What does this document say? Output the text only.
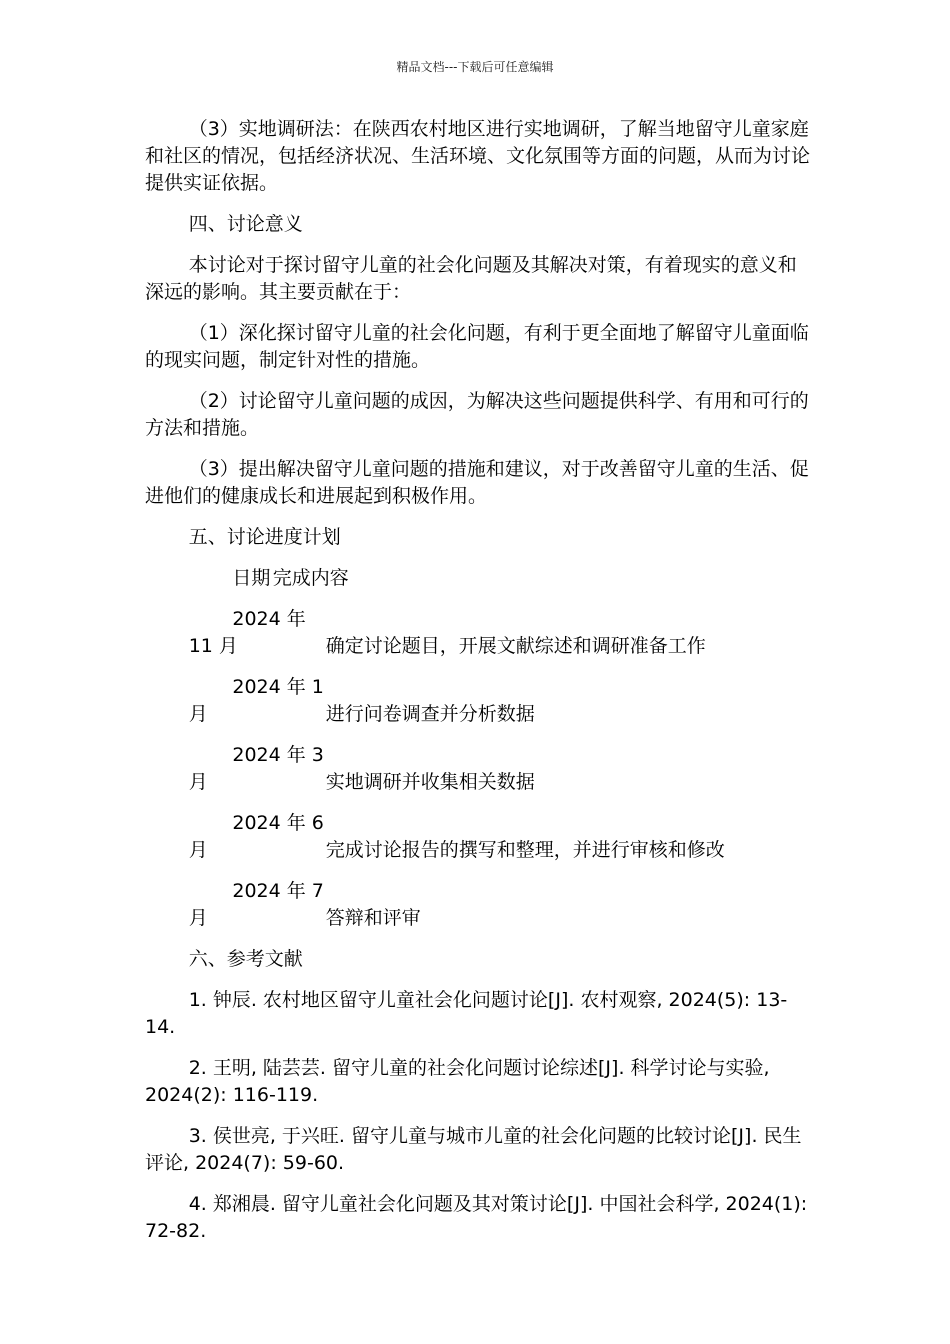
精品文档---下载后可任意编辑

（3）实地调研法：在陕西农村地区进行实地调研，了解当地留守儿童家庭和社区的情况，包括经济状况、生活环境、文化氛围等方面的问题，从而为讨论提供实证依据。

四、讨论意义

本讨论对于探讨留守儿童的社会化问题及其解决对策，有着现实的意义和深远的影响。其主要贡献在于：

（1）深化探讨留守儿童的社会化问题，有利于更全面地了解留守儿童面临的现实问题，制定针对性的措施。

（2）讨论留守儿童问题的成因，为解决这些问题提供科学、有用和可行的方法和措施。

（3）提出解决留守儿童问题的措施和建议，对于改善留守儿童的生活、促进他们的健康成长和进展起到积极作用。

五、讨论进度计划

日期 完成内容

2024 年 11 月	确定讨论题目，开展文献综述和调研准备工作

2024 年 1 月	进行问卷调查并分析数据

2024 年 3 月	实地调研并收集相关数据

2024 年 6 月	完成讨论报告的撰写和整理，并进行审核和修改

2024 年 7 月	答辩和评审

六、参考文献

1. 钟辰. 农村地区留守儿童社会化问题讨论[J]. 农村观察, 2024(5): 13-14.

2. 王明, 陆芸芸. 留守儿童的社会化问题讨论综述[J]. 科学讨论与实验, 2024(2): 116-119.

3. 侯世亮, 于兴旺. 留守儿童与城市儿童的社会化问题的比较讨论[J]. 民生评论, 2024(7): 59-60.

4. 郑湘晨. 留守儿童社会化问题及其对策讨论[J]. 中国社会科学, 2024(1): 72-82.
